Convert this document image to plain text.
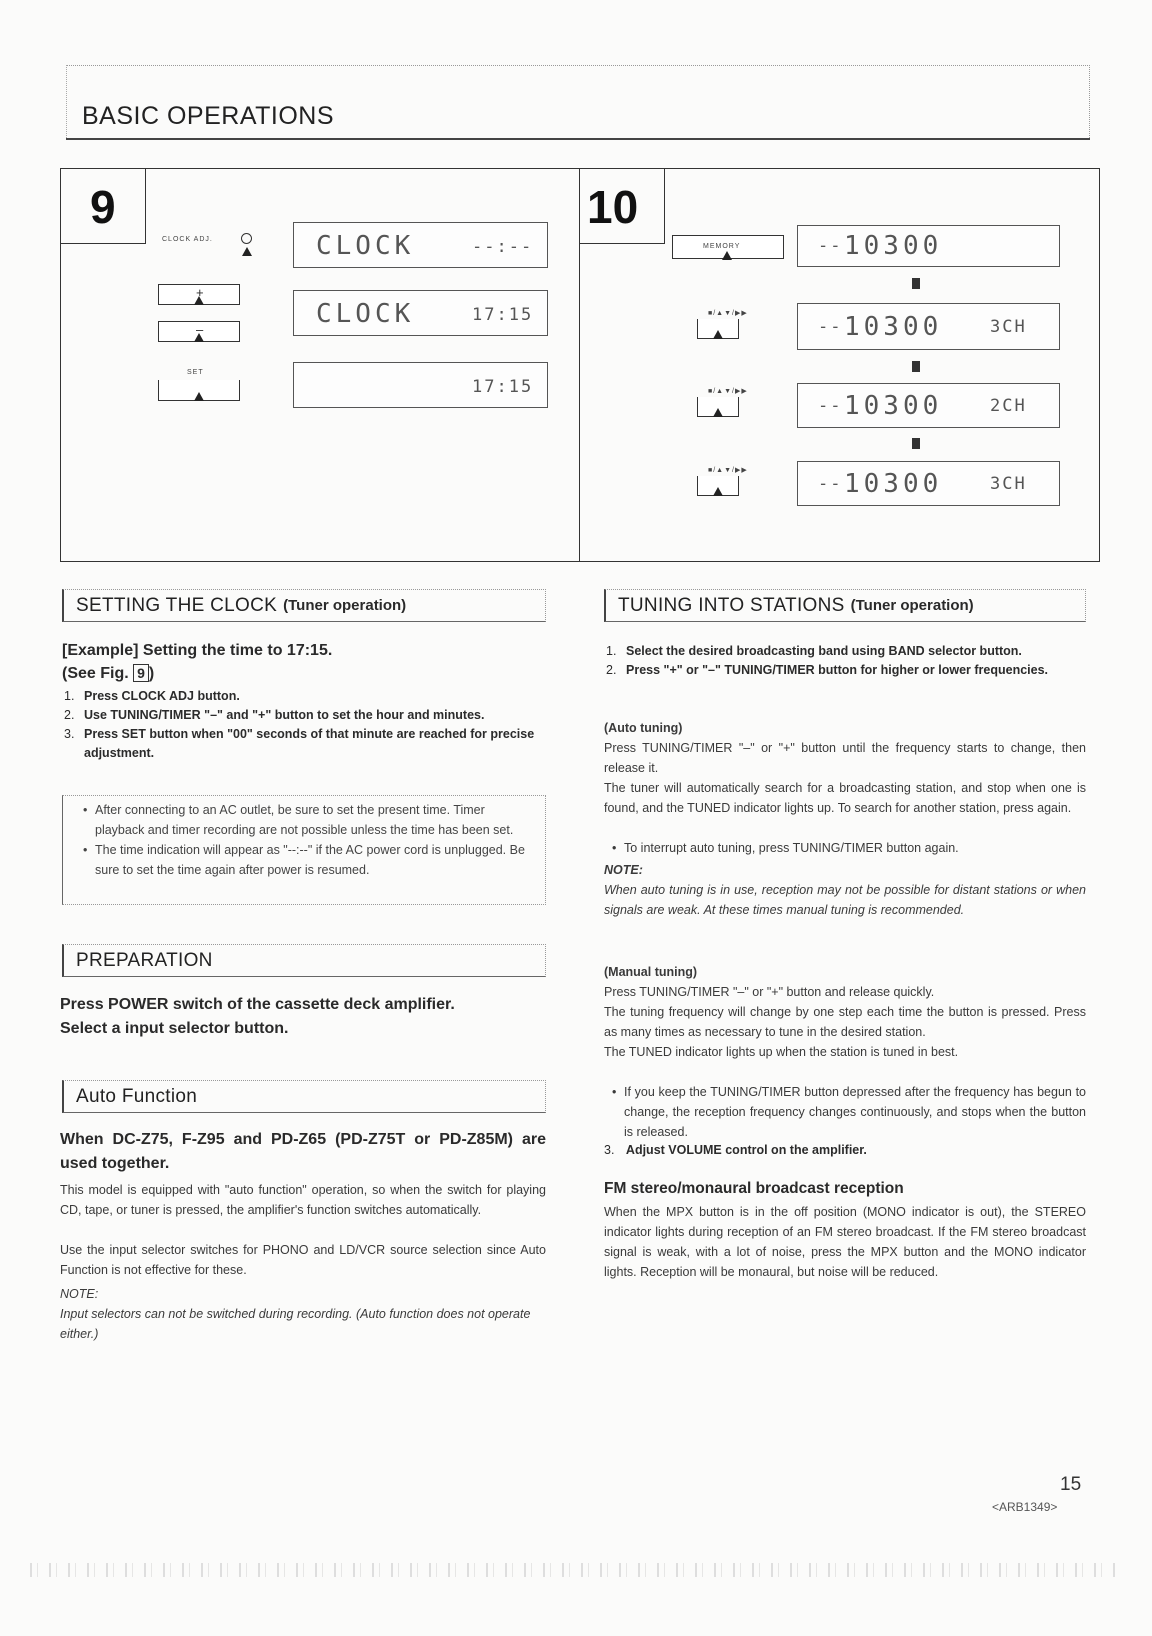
BASIC OPERATIONS
9
CLOCK ADJ.	CLOCK	--:--
+
–
CLOCK	17:15
SET
17:15
10
MEMORY	-- 10300
■/▲▼/▶▶
-- 10300	3CH
■/▲▼/▶▶
-- 10300	2CH
■/▲▼/▶▶
-- 10300	3CH
SETTING THE CLOCK (Tuner operation)
[Example] Setting the time to 17:15.
(See Fig. 9 )
1. Press CLOCK ADJ button.
2. Use TUNING/TIMER "–" and "+" button to set the hour and minutes.
3. Press SET button when "00" seconds of that minute are reached for precise adjustment.
• After connecting to an AC outlet, be sure to set the present time. Timer playback and timer recording are not possible unless the time has been set.
• The time indication will appear as "--:--" if the AC power cord is unplugged. Be sure to set the time again after power is resumed.
PREPARATION
Press POWER switch of the cassette deck amplifier.
Select a input selector button.
Auto Function
When DC-Z75, F-Z95 and PD-Z65 (PD-Z75T or PD-Z85M) are used together.
This model is equipped with "auto function" operation, so when the switch for playing CD, tape, or tuner is pressed, the amplifier's function switches automatically.
Use the input selector switches for PHONO and LD/VCR source selection since Auto Function is not effective for these.
NOTE:
Input selectors can not be switched during recording. (Auto function does not operate either.)
TUNING INTO STATIONS (Tuner operation)
1. Select the desired broadcasting band using BAND selector button.
2. Press "+" or "–" TUNING/TIMER button for higher or lower frequencies.
(Auto tuning)
Press TUNING/TIMER "–" or "+" button until the frequency starts to change, then release it.
The tuner will automatically search for a broadcasting station, and stop when one is found, and the TUNED indicator lights up. To search for another station, press again.
• To interrupt auto tuning, press TUNING/TIMER button again.
NOTE:
When auto tuning is in use, reception may not be possible for distant stations or when signals are weak. At these times manual tuning is recommended.
(Manual tuning)
Press TUNING/TIMER "–" or "+" button and release quickly.
The tuning frequency will change by one step each time the button is pressed. Press as many times as necessary to tune in the desired station.
The TUNED indicator lights up when the station is tuned in best.
• If you keep the TUNING/TIMER button depressed after the frequency has begun to change, the reception frequency changes continuously, and stops when the button is released.
3. Adjust VOLUME control on the amplifier.
FM stereo/monaural broadcast reception
When the MPX button is in the off position (MONO indicator is out), the STEREO indicator lights during reception of an FM stereo broadcast. If the FM stereo broadcast signal is weak, with a lot of noise, press the MPX button and the MONO indicator lights. Reception will be monaural, but noise will be reduced.
15
<ARB1349>
